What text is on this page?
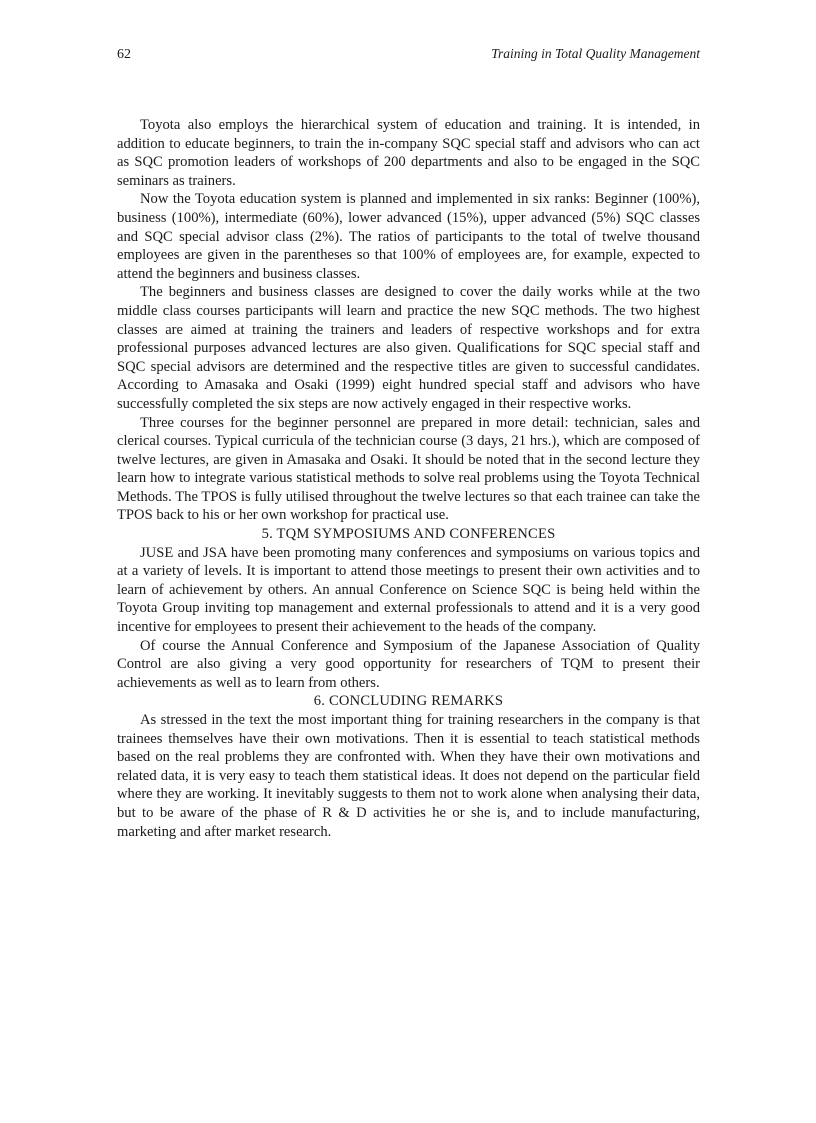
62	Training in Total Quality Management

Toyota also employs the hierarchical system of education and training. It is intended, in addition to educate beginners, to train the in-company SQC special staff and advisors who can act as SQC promotion leaders of workshops of 200 departments and also to be engaged in the SQC seminars as trainers.

Now the Toyota education system is planned and implemented in six ranks: Beginner (100%), business (100%), intermediate (60%), lower advanced (15%), upper advanced (5%) SQC classes and SQC special advisor class (2%). The ratios of participants to the total of twelve thousand employees are given in the parentheses so that 100% of employees are, for example, expected to attend the beginners and business classes.

The beginners and business classes are designed to cover the daily works while at the two middle class courses participants will learn and practice the new SQC methods. The two highest classes are aimed at training the trainers and leaders of respective workshops and for extra professional purposes advanced lectures are also given. Qualifications for SQC special staff and SQC special advisors are determined and the respective titles are given to successful candidates. According to Amasaka and Osaki (1999) eight hundred special staff and advisors who have successfully completed the six steps are now actively engaged in their respective works.

Three courses for the beginner personnel are prepared in more detail: technician, sales and clerical courses. Typical curricula of the technician course (3 days, 21 hrs.), which are composed of twelve lectures, are given in Amasaka and Osaki. It should be noted that in the second lecture they learn how to integrate various statistical methods to solve real problems using the Toyota Technical Methods. The TPOS is fully utilised throughout the twelve lectures so that each trainee can take the TPOS back to his or her own workshop for practical use.

5. TQM SYMPOSIUMS AND CONFERENCES

JUSE and JSA have been promoting many conferences and symposiums on various topics and at a variety of levels. It is important to attend those meetings to present their own activities and to learn of achievement by others. An annual Conference on Science SQC is being held within the Toyota Group inviting top management and external professionals to attend and it is a very good incentive for employees to present their achievement to the heads of the company.

Of course the Annual Conference and Symposium of the Japanese Association of Quality Control are also giving a very good opportunity for researchers of TQM to present their achievements as well as to learn from others.

6. CONCLUDING REMARKS

As stressed in the text the most important thing for training researchers in the company is that trainees themselves have their own motivations. Then it is essential to teach statistical methods based on the real problems they are confronted with. When they have their own motivations and related data, it is very easy to teach them statistical ideas. It does not depend on the particular field where they are working. It inevitably suggests to them not to work alone when analysing their data, but to be aware of the phase of R & D activities he or she is, and to include manufacturing, marketing and after market research.
